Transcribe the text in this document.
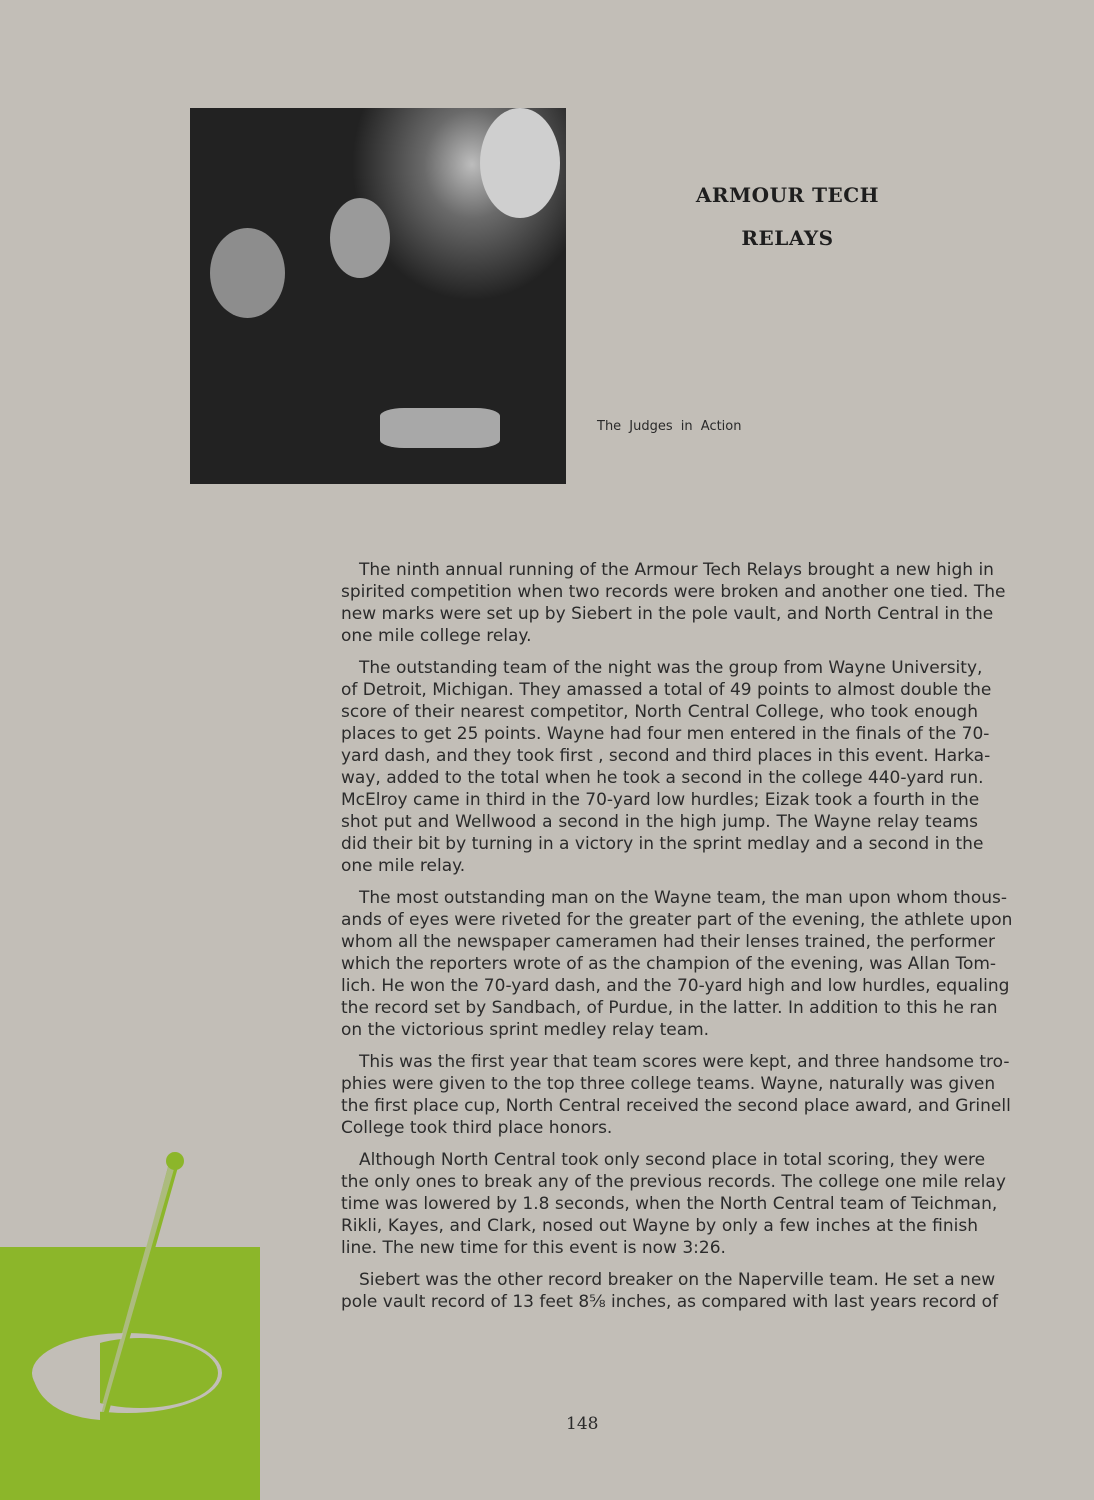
ARMOUR TECH
RELAYS
The Judges in Action
The ninth annual running of the Armour Tech Relays brought a new high in
spirited competition when two records were broken and another one tied. The
new marks were set up by Siebert in the pole vault, and North Central in the
one mile college relay.
The outstanding team of the night was the group from Wayne University,
of Detroit, Michigan. They amassed a total of 49 points to almost double the
score of their nearest competitor, North Central College, who took enough
places to get 25 points. Wayne had four men entered in the finals of the 70-
yard dash, and they took first , second and third places in this event. Harka-
way, added to the total when he took a second in the college 440-yard run.
McElroy came in third in the 70-yard low hurdles; Eizak took a fourth in the
shot put and Wellwood a second in the high jump. The Wayne relay teams
did their bit by turning in a victory in the sprint medlay and a second in the
one mile relay.
The most outstanding man on the Wayne team, the man upon whom thous-
ands of eyes were riveted for the greater part of the evening, the athlete upon
whom all the newspaper cameramen had their lenses trained, the performer
which the reporters wrote of as the champion of the evening, was Allan Tom-
lich. He won the 70-yard dash, and the 70-yard high and low hurdles, equaling
the record set by Sandbach, of Purdue, in the latter. In addition to this he ran
on the victorious sprint medley relay team.
This was the first year that team scores were kept, and three handsome tro-
phies were given to the top three college teams. Wayne, naturally was given
the first place cup, North Central received the second place award, and Grinell
College took third place honors.
Although North Central took only second place in total scoring, they were
the only ones to break any of the previous records. The college one mile relay
time was lowered by 1.8 seconds, when the North Central team of Teichman,
Rikli, Kayes, and Clark, nosed out Wayne by only a few inches at the finish
line. The new time for this event is now 3:26.
Siebert was the other record breaker on the Naperville team. He set a new
pole vault record of 13 feet 8⅝ inches, as compared with last years record of
148
